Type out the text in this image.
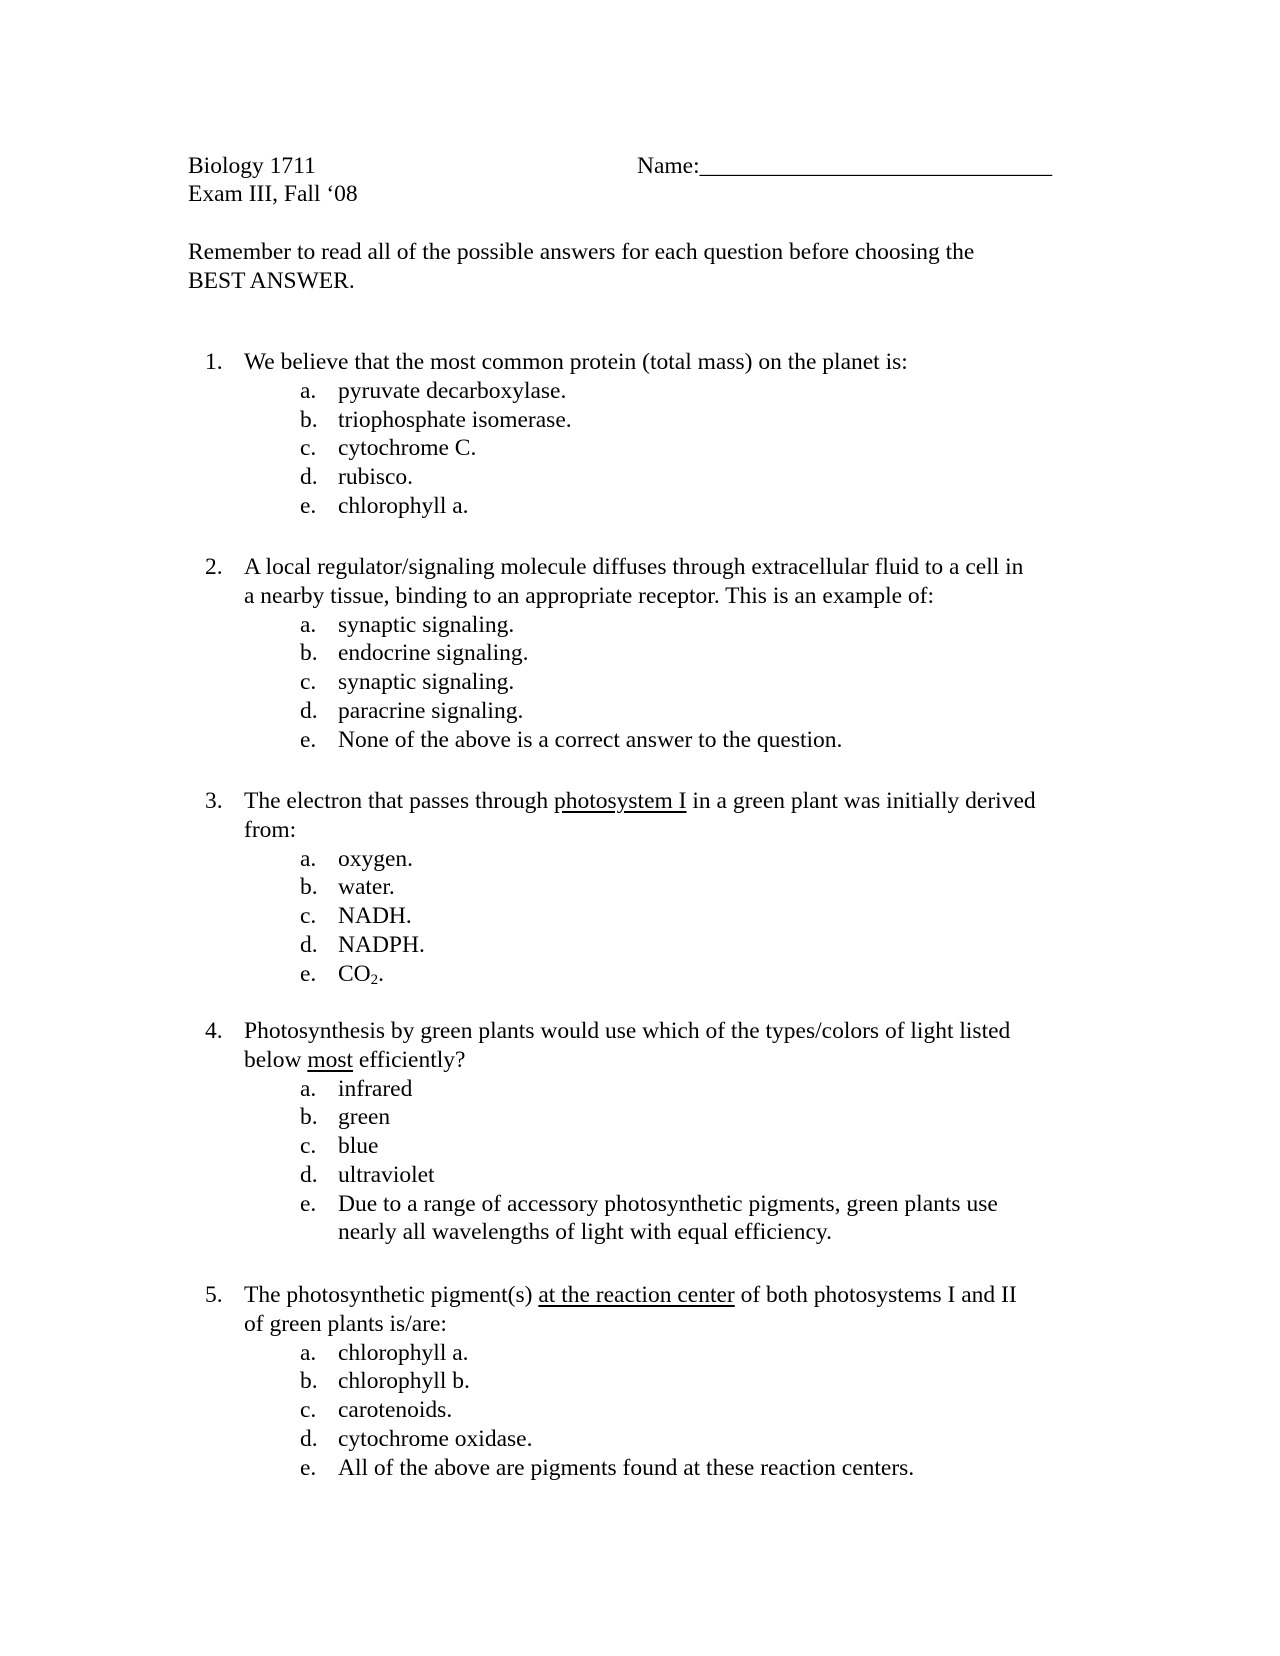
Biology 1711
Exam III, Fall ‘08
Name:______________________________
Remember to read all of the possible answers for each question before choosing the
BEST ANSWER.
1. We believe that the most common protein (total mass) on the planet is:
a. pyruvate decarboxylase.
b. triophosphate isomerase.
c. cytochrome C.
d. rubisco.
e. chlorophyll a.
2. A local regulator/signaling molecule diffuses through extracellular fluid to a cell in
a nearby tissue, binding to an appropriate receptor. This is an example of:
a. synaptic signaling.
b. endocrine signaling.
c. synaptic signaling.
d. paracrine signaling.
e. None of the above is a correct answer to the question.
3. The electron that passes through photosystem I in a green plant was initially derived
from:
a. oxygen.
b. water.
c. NADH.
d. NADPH.
e. $CO_2$.
4. Photosynthesis by green plants would use which of the types/colors of light listed
below most efficiently?
a. infrared
b. green
c. blue
d. ultraviolet
e. Due to a range of accessory photosynthetic pigments, green plants use
nearly all wavelengths of light with equal efficiency.
5. The photosynthetic pigment(s) at the reaction center of both photosystems I and II
of green plants is/are:
a. chlorophyll a.
b. chlorophyll b.
c. carotenoids.
d. cytochrome oxidase.
e. All of the above are pigments found at these reaction centers.
